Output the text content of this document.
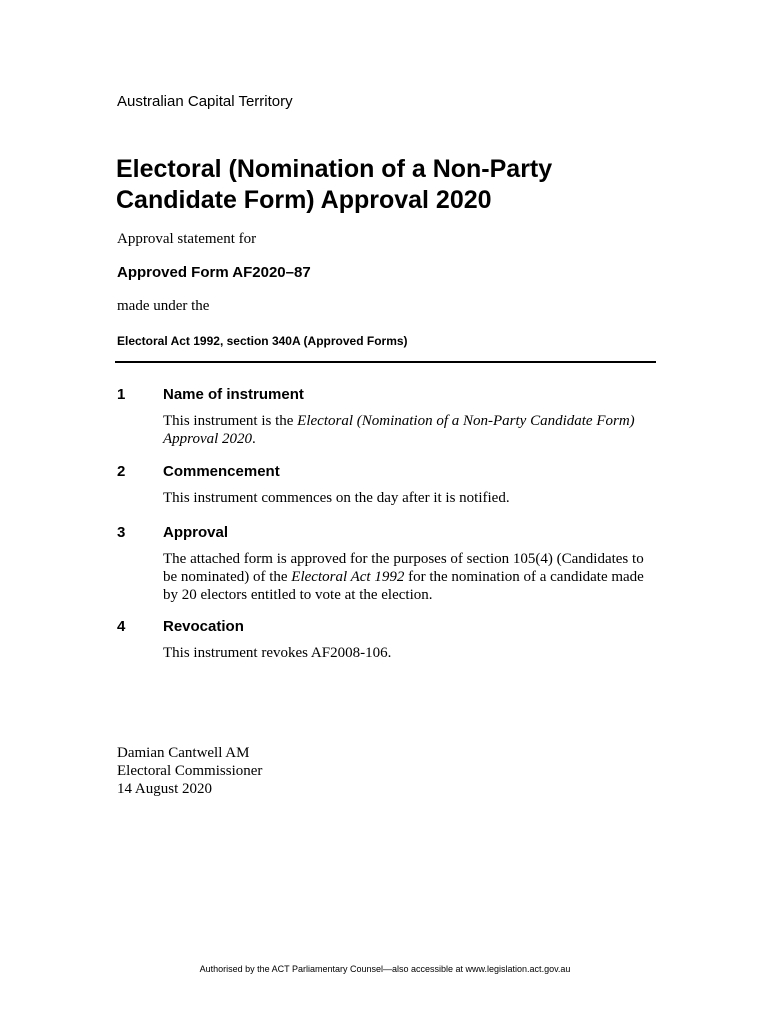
Australian Capital Territory
Electoral (Nomination of a Non-Party
Candidate Form) Approval 2020
Approval statement for
Approved Form AF2020–87
made under the
Electoral Act 1992, section 340A (Approved Forms)
1	Name of instrument
This instrument is the Electoral (Nomination of a Non-Party Candidate Form) Approval 2020.
2	Commencement
This instrument commences on the day after it is notified.
3	Approval
The attached form is approved for the purposes of section 105(4) (Candidates to be nominated) of the Electoral Act 1992 for the nomination of a candidate made by 20 electors entitled to vote at the election.
4	Revocation
This instrument revokes AF2008-106.
Damian Cantwell AM
Electoral Commissioner
14 August 2020
Authorised by the ACT Parliamentary Counsel—also accessible at www.legislation.act.gov.au
